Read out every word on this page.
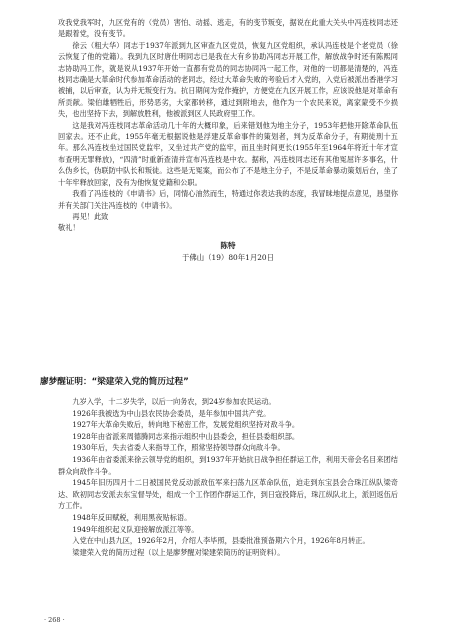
攻我党我军时，九区党有的（党员）害怕、动摇、逃走，有的变节叛变，据说在此重大关头中冯连枝同志还是跟着党，没有变节。

徐云（粗大华）同志于1937年派到九区审查九区党员，恢复九区党组织，承认冯连枝是个老党员（徐云恢复了他的党籍）。我到九区时唐仕明同志已是我在大有乡协助冯同志开展工作，解放战争时还有陈熙同志协助冯工作，就是说从1937年开始一直都有党员的同志协同冯一起工作，对他的一切都是清楚的，冯连枝同志确是大革命时代参加革命活动的老同志，经过大革命失败的考验后才入党的，入党后被派出香港学习被捕，以后审查，认为并无叛变行为。抗日期间为党作掩护，方便党在九区开展工作，应该说他是对革命有所贡献。梁伯雄牺牲后，形势恶劣，大家都转移，通过到附地去，他作为一个农民来说，离家蒙受不少损失，也出坚持下去，到解放胜利，他被派到区人民政府里工作。

这是我对冯连枝同志革命活动几十年的大概印象，后来错划他为地主分子，1953年把他开除革命队伍回家去。还不止此，1955年毫无根据说他是浮建反革命事件的策划者，判为反革命分子，有期徒刑十五年。那么冯连枝坐过国民党监牢，又坐过共产党的监牢，而且坐时间更长(1955年至1964年将近十年才宣布查明无罪释放)，“四清”时重新查清并宣布冯连枝是中农。据称，冯连枝同志还有其他冤屈许多事名，什么伪乡长，伪联防中队长和叛徒。这些是无冤案，而公布了不是地主分子，不是反革命暴动策划后台，坐了十年牢释放回家，没有为他恢复党籍和公职。

我看了冯连枝的《申请书》后，同情心油然而生，特通过你表达我的态度，我冒昧地提点意见，恳望你并有关部门关注冯连枝的《申请书》。

再见！此致

敬礼！

陈特
于佛山（19）80年1月20日
廖梦醒证明：“梁建荣入党的简历过程”

九岁入学，十二岁失学，以后一向务农，到24岁参加农民运动。

1926年我被选为中山县农民协会委员，是年参加中国共产党。

1927年大革命失败后，转向地下秘密工作，发展党组织坚持对敌斗争。

1928年由省派来周德腾同志来指示组织中山县委会，担任县委组织部。

1930年后，失去省委人来指导工作，照常坚持领导群众向敌斗争。

1936年由省委派来徐云领导党的组织，到1937年开始抗日战争担任群运工作，利用天帝会名目来团结群众向敌作斗争。

1945年旧历四月十二日被国民党反动派敌伍军来扫荡九区革命队伍，迫走到东宝县会合珠江纵队梁奇达、欧初同志安派去东宝督导处，组成一个工作团作群运工作，到日寇投降后，珠江纵队北上，派回返伍后方工作。

1948年反田赋税，利用黑夜贴标语。

1949年组织起义队迎接解放派江等等。

入党在中山县九区，1926年2月，介绍人李毕照，县委批准预备期六个月，1926年8月转正。

梁建荣入党的简历过程（以上是廖梦醒对梁建荣简历的证明资料）。

· 268 ·
